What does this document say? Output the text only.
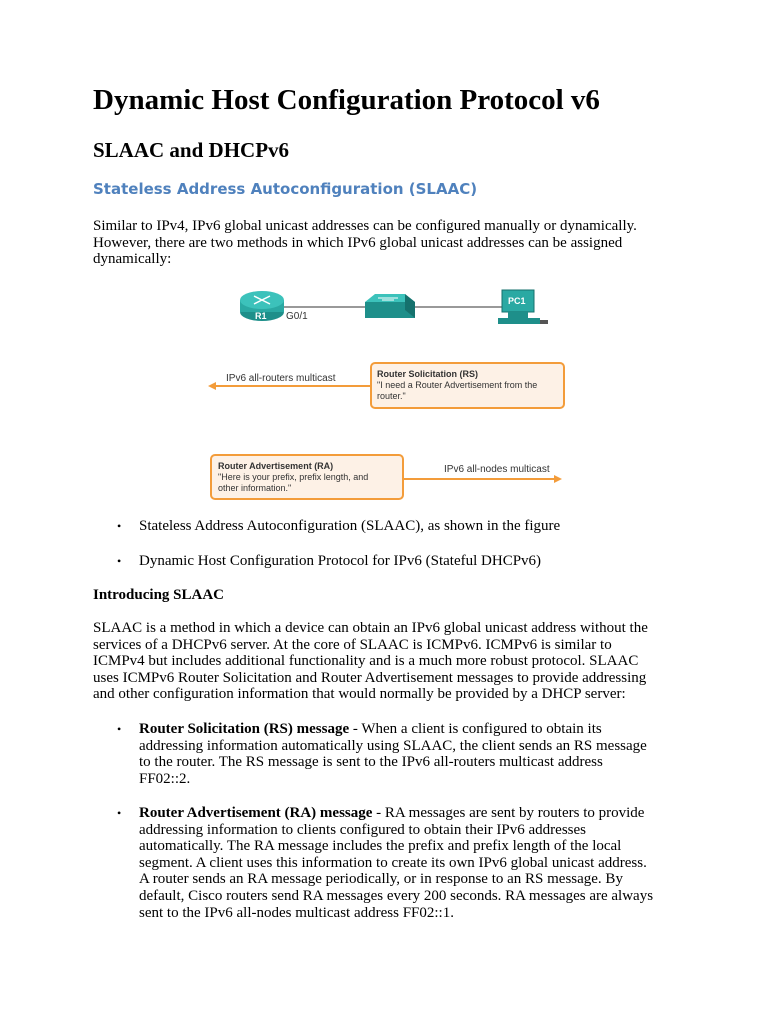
Dynamic Host Configuration Protocol v6
SLAAC and DHCPv6
Stateless Address Autoconfiguration (SLAAC)
Similar to IPv4, IPv6 global unicast addresses can be configured manually or dynamically.
However, there are two methods in which IPv6 global unicast addresses can be assigned
dynamically:
R1 G0/1
PC1
IPv6 all-routers multicast	Router Solicitation (RS)
"I need a Router Advertisement from the
router."
Router Advertisement (RA)
"Here is your prefix, prefix length, and
other information."
IPv6 all-nodes multicast
• Stateless Address Autoconfiguration (SLAAC), as shown in the figure
• Dynamic Host Configuration Protocol for IPv6 (Stateful DHCPv6)
Introducing SLAAC
SLAAC is a method in which a device can obtain an IPv6 global unicast address without the
services of a DHCPv6 server. At the core of SLAAC is ICMPv6. ICMPv6 is similar to
ICMPv4 but includes additional functionality and is a much more robust protocol. SLAAC
uses ICMPv6 Router Solicitation and Router Advertisement messages to provide addressing
and other configuration information that would normally be provided by a DHCP server:
• Router Solicitation (RS) message - When a client is configured to obtain its
addressing information automatically using SLAAC, the client sends an RS message
to the router. The RS message is sent to the IPv6 all-routers multicast address
FF02::2.
• Router Advertisement (RA) message - RA messages are sent by routers to provide
addressing information to clients configured to obtain their IPv6 addresses
automatically. The RA message includes the prefix and prefix length of the local
segment. A client uses this information to create its own IPv6 global unicast address.
A router sends an RA message periodically, or in response to an RS message. By
default, Cisco routers send RA messages every 200 seconds. RA messages are always
sent to the IPv6 all-nodes multicast address FF02::1.
